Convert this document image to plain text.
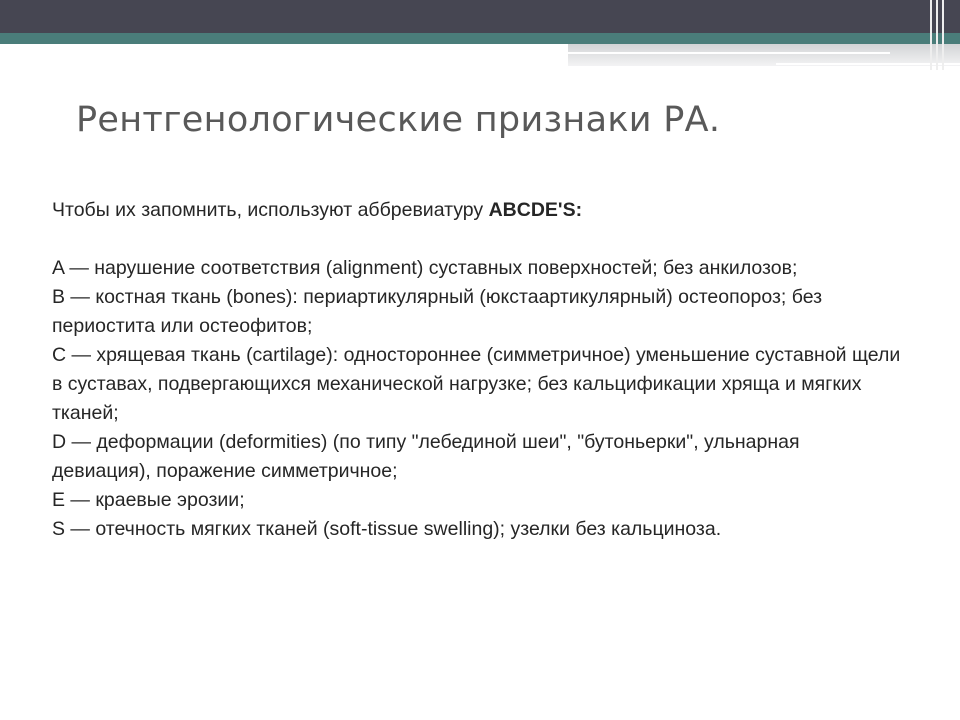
Рентгенологические признаки РА.

Чтобы их запомнить, используют аббревиатуру ABCDE'S:

A — нарушение соответствия (alignment) суставных поверхностей; без анкилозов;

B — костная ткань (bones): периартикулярный (юкстаартикулярный) остеопороз; без периостита или остеофитов;

C — хрящевая ткань (cartilage): одностороннее (симметричное) уменьшение суставной щели в суставах, подвергающихся механической нагрузке; без кальцификации хряща и мягких тканей;

D — деформации (deformities) (по типу "лебединой шеи", "бутоньерки", ульнарная девиация), поражение симметричное;

E — краевые эрозии;

S — отечность мягких тканей (soft-tissue swelling); узелки без кальциноза.
